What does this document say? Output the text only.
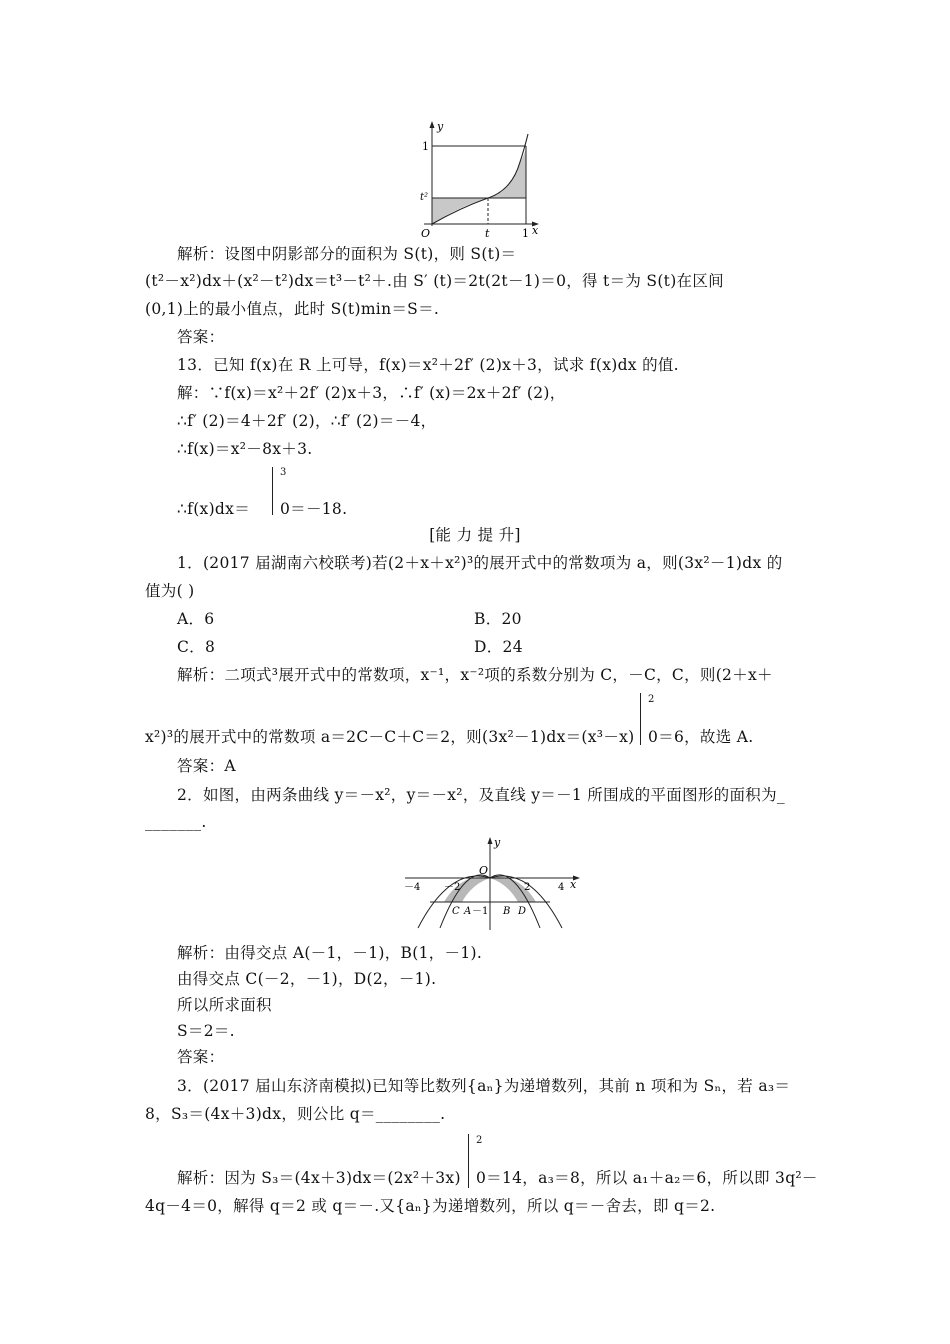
y
1
t²
O	t	1 x
解析：设图中阴影部分的面积为 S(t)，则 S(t)＝
(t²－x²)dx＋(x²－t²)dx＝t³－t²＋.由 S′ (t)＝2t(2t－1)＝0，得 t＝为 S(t)在区间
(0,1)上的最小值点，此时 S(t)min＝S＝.
答案：
13．已知 f(x)在 R 上可导，f(x)＝x²＋2f′ (2)x＋3，试求 f(x)dx 的值.
解：∵f(x)＝x²＋2f′ (2)x＋3，∴f′ (x)＝2x＋2f′ (2)，
∴f′ (2)＝4＋2f′ (2)，∴f′ (2)＝－4，
∴f(x)＝x²－8x＋3.
3
∴f(x)dx＝ 0＝－18.
[能 力 提 升]
1．(2017 届湖南六校联考)若(2＋x＋x²)³的展开式中的常数项为 a，则(3x²－1)dx 的
值为( )
A．6	B．20
C．8	D．24
解析：二项式³展开式中的常数项，x⁻¹，x⁻²项的系数分别为 C，－C，C，则(2＋x＋
2
x²)³的展开式中的常数项 a＝2C－C＋C＝2，则(3x²－1)dx＝(x³－x) 0＝6，故选 A.
答案：A
2．如图，由两条曲线 y＝－x²，y＝－x²，及直线 y＝－1 所围成的平面图形的面积为_
_______.
y
O
x
－4 －2	2	4
C A －1 B D
解析：由得交点 A(－1，－1)，B(1，－1).
由得交点 C(－2，－1)，D(2，－1).
所以所求面积
S＝2＝.
答案：
3．(2017 届山东济南模拟)已知等比数列{aₙ}为递增数列，其前 n 项和为 Sₙ，若 a₃＝
8，S₃＝(4x＋3)dx，则公比 q＝________.
2
解析：因为 S₃＝(4x＋3)dx＝(2x²＋3x) 0＝14，a₃＝8，所以 a₁＋a₂＝6，所以即 3q²－
4q－4＝0，解得 q＝2 或 q＝－.又{aₙ}为递增数列，所以 q＝－舍去，即 q＝2.
